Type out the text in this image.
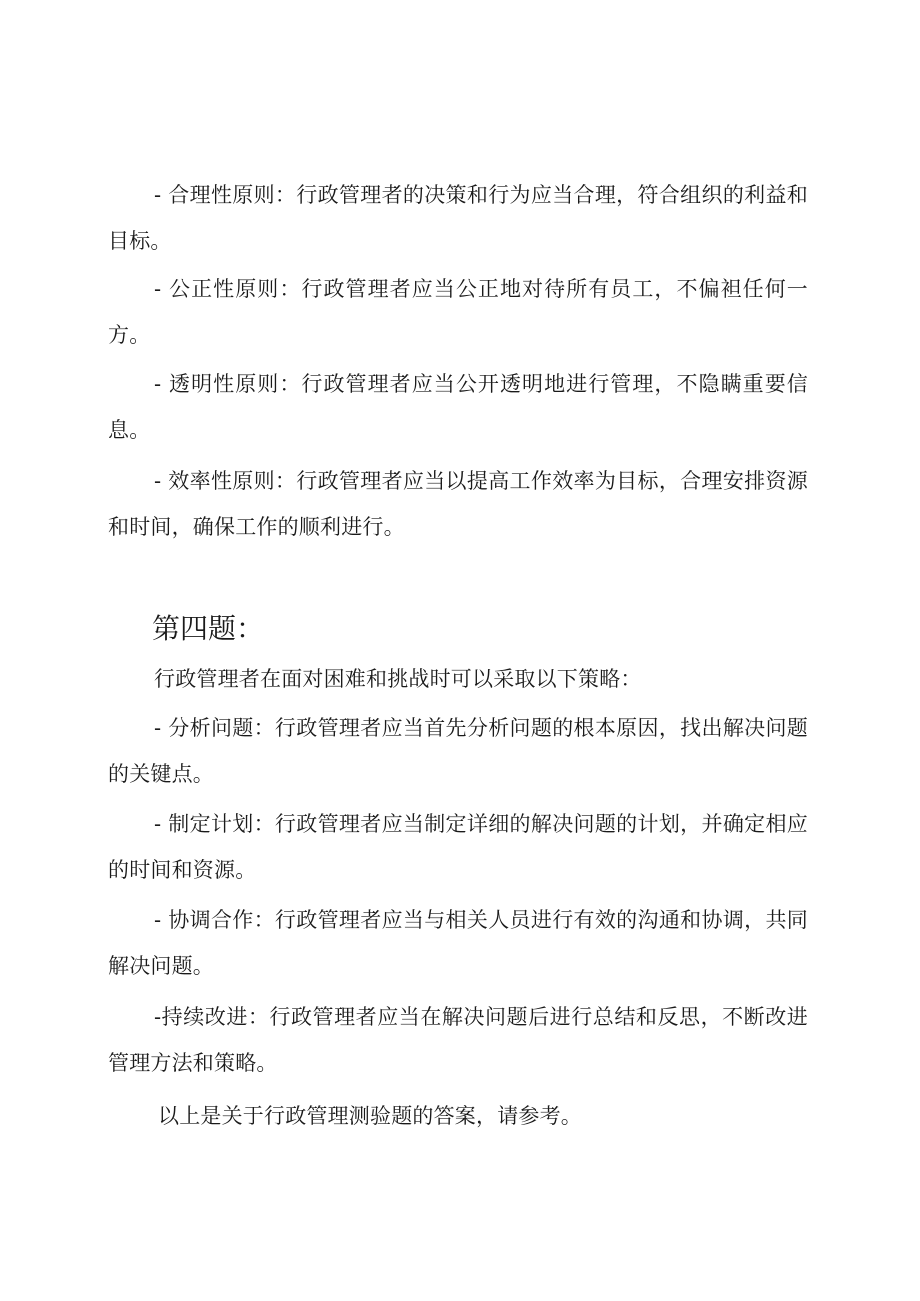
- 合理性原则：行政管理者的决策和行为应当合理，符合组织的利益和目标。

- 公正性原则：行政管理者应当公正地对待所有员工，不偏袒任何一方。

- 透明性原则：行政管理者应当公开透明地进行管理，不隐瞒重要信息。

- 效率性原则：行政管理者应当以提高工作效率为目标，合理安排资源和时间，确保工作的顺利进行。

第四题：

行政管理者在面对困难和挑战时可以采取以下策略：

- 分析问题：行政管理者应当首先分析问题的根本原因，找出解决问题的关键点。

- 制定计划：行政管理者应当制定详细的解决问题的计划，并确定相应的时间和资源。

- 协调合作：行政管理者应当与相关人员进行有效的沟通和协调，共同解决问题。

-持续改进：行政管理者应当在解决问题后进行总结和反思，不断改进管理方法和策略。

以上是关于行政管理测验题的答案，请参考。
